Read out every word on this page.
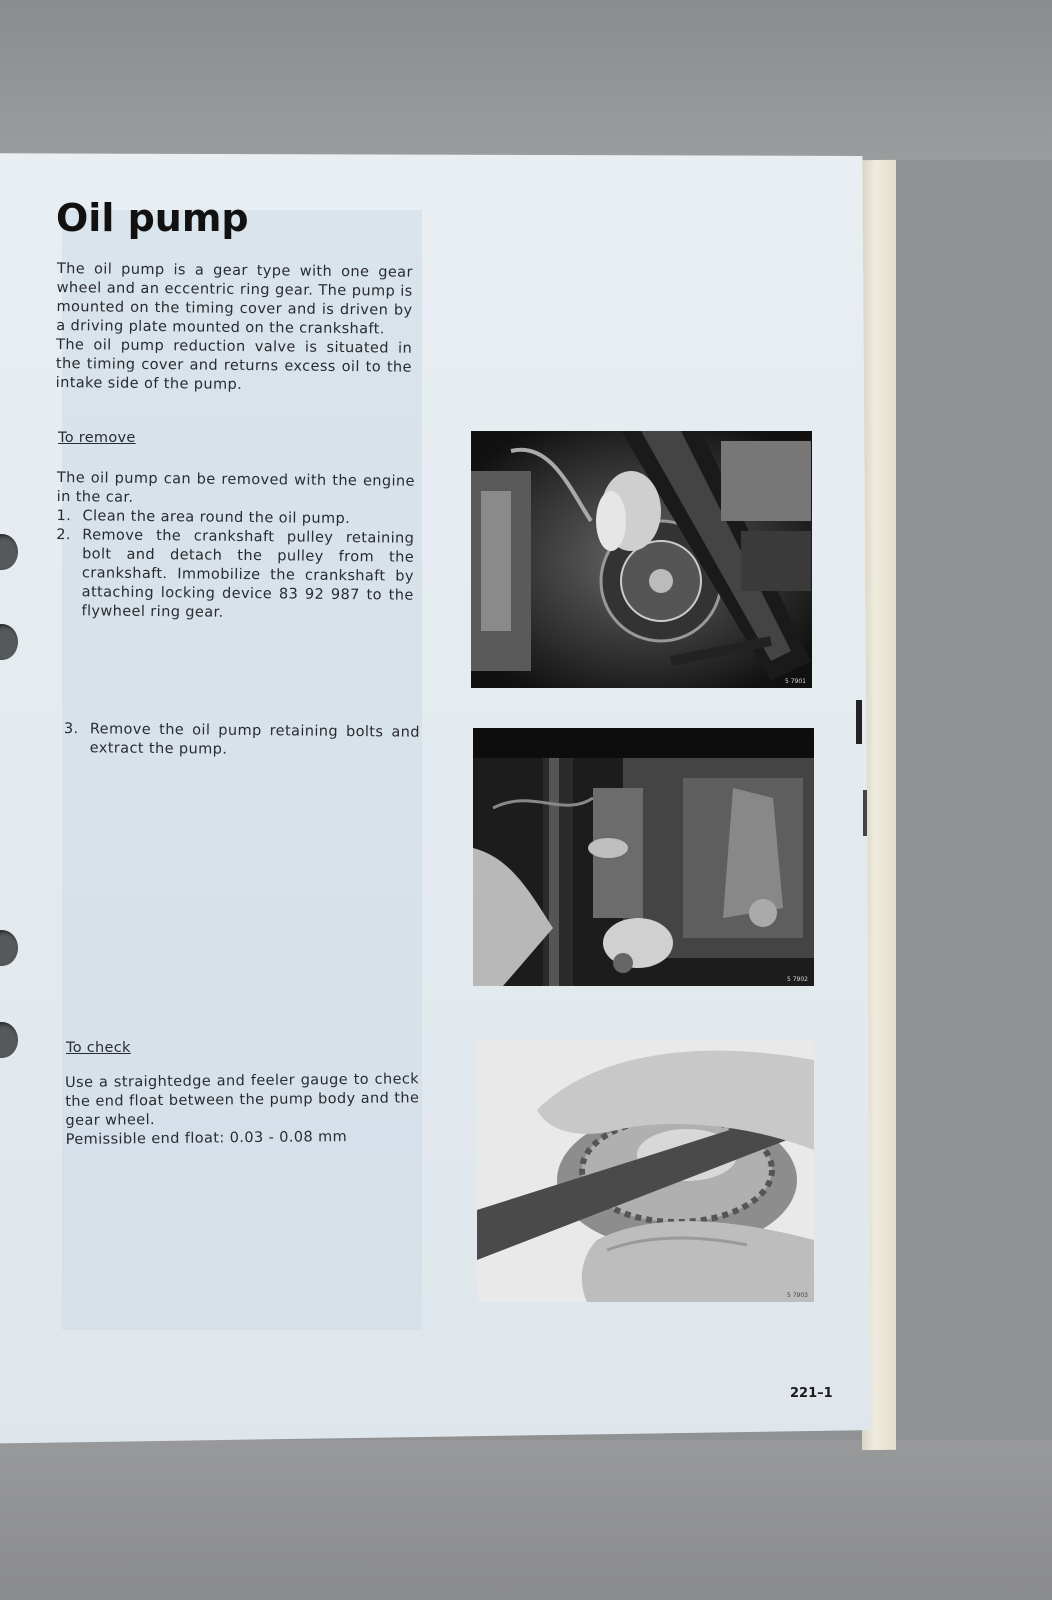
Oil pump

The oil pump is a gear type with one gear wheel and an eccentric ring gear. The pump is mounted on the timing cover and is driven by a driving plate mounted on the crankshaft.

The oil pump reduction valve is situated in the timing cover and returns excess oil to the intake side of the pump.

To remove

The oil pump can be removed with the engine in the car.

1. Clean the area round the oil pump.
2. Remove the crankshaft pulley retaining bolt and detach the pulley from the crankshaft. Immobilize the crankshaft by attaching locking device 83 92 987 to the flywheel ring gear.
3. Remove the oil pump retaining bolts and extract the pump.
To check

Use a straightedge and feeler gauge to check the end float between the pump body and the gear wheel.

Pemissible end float: 0.03 - 0.08 mm

5 7901
5 7902
5 7903
221–1
